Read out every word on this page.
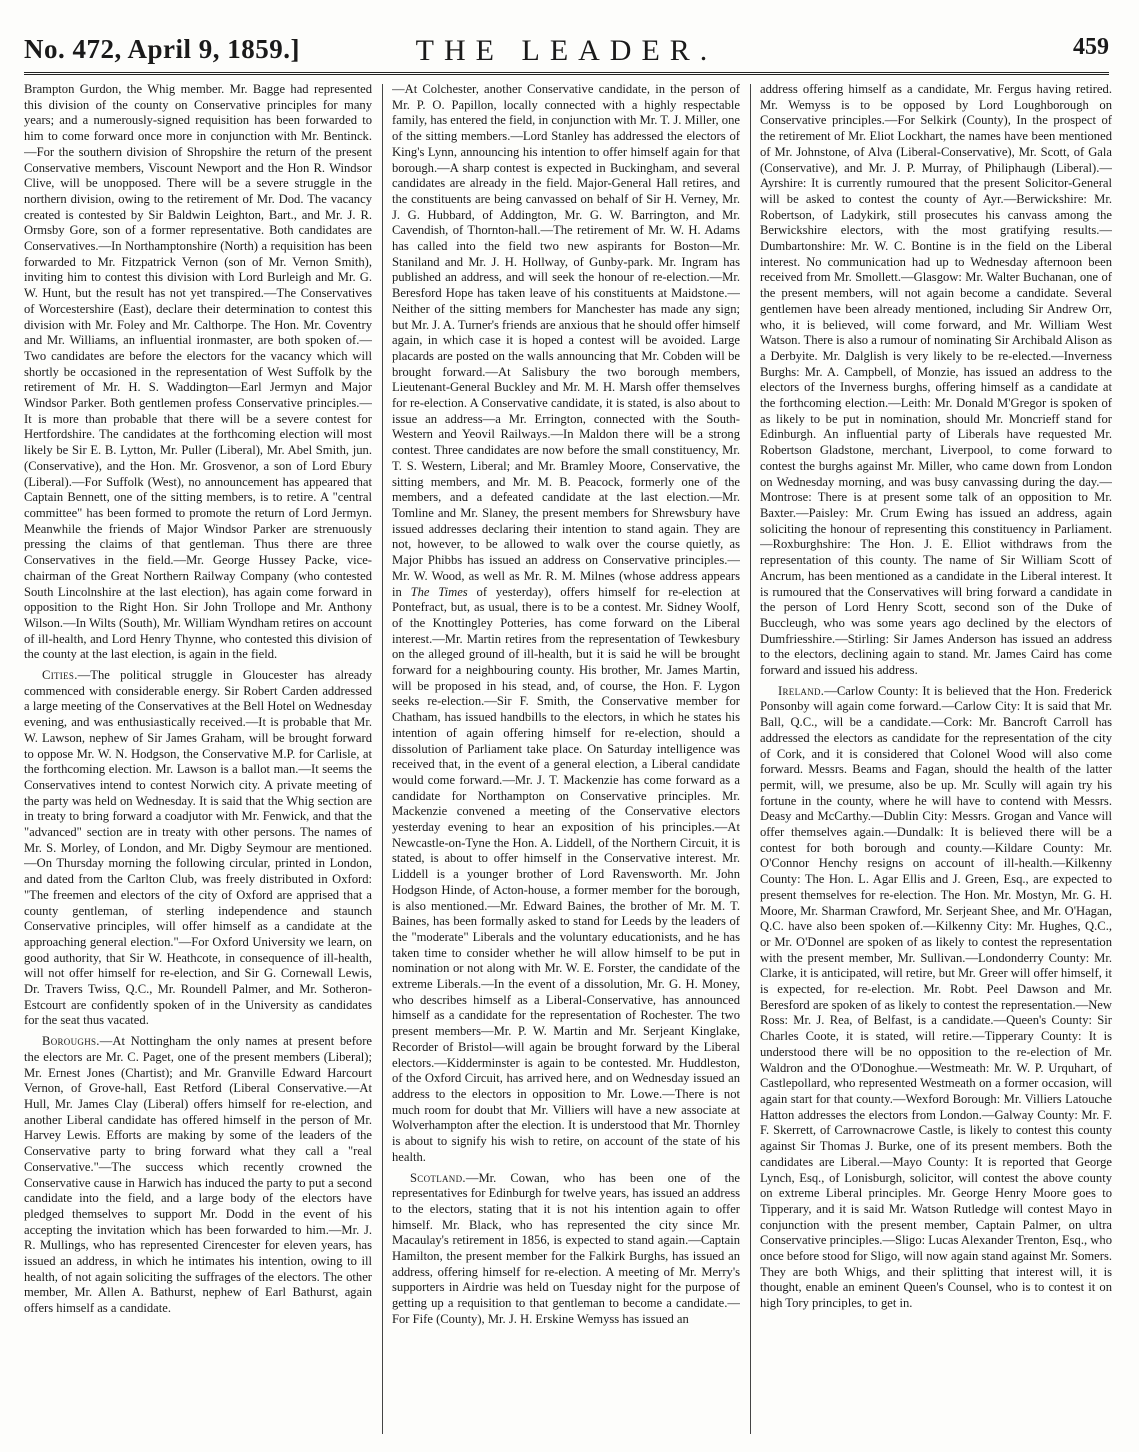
No. 472, April 9, 1859.]	THE LEADER.	459

Brampton Gurdon, the Whig member. Mr. Bagge had represented this division of the county on Conservative principles for many years; and a numerously-signed requisition has been forwarded to him to come forward once more in conjunction with Mr. Bentinck.—For the southern division of Shropshire the return of the present Conservative members, Viscount Newport and the Hon R. Windsor Clive, will be unopposed. There will be a severe struggle in the northern division, owing to the retirement of Mr. Dod. The vacancy created is contested by Sir Baldwin Leighton, Bart., and Mr. J. R. Ormsby Gore, son of a former representative. Both candidates are Conservatives.—In Northamptonshire (North) a requisition has been forwarded to Mr. Fitzpatrick Vernon (son of Mr. Vernon Smith), inviting him to contest this division with Lord Burleigh and Mr. G. W. Hunt, but the result has not yet transpired.—The Conservatives of Worcestershire (East), declare their determination to contest this division with Mr. Foley and Mr. Calthorpe. The Hon. Mr. Coventry and Mr. Williams, an influential ironmaster, are both spoken of.—Two candidates are before the electors for the vacancy which will shortly be occasioned in the representation of West Suffolk by the retirement of Mr. H. S. Waddington—Earl Jermyn and Major Windsor Parker. Both gentlemen profess Conservative principles.—It is more than probable that there will be a severe contest for Hertfordshire. The candidates at the forthcoming election will most likely be Sir E. B. Lytton, Mr. Puller (Liberal), Mr. Abel Smith, jun. (Conservative), and the Hon. Mr. Grosvenor, a son of Lord Ebury (Liberal).—For Suffolk (West), no announcement has appeared that Captain Bennett, one of the sitting members, is to retire. A "central committee" has been formed to promote the return of Lord Jermyn. Meanwhile the friends of Major Windsor Parker are strenuously pressing the claims of that gentleman. Thus there are three Conservatives in the field.—Mr. George Hussey Packe, vice-chairman of the Great Northern Railway Company (who contested South Lincolnshire at the last election), has again come forward in opposition to the Right Hon. Sir John Trollope and Mr. Anthony Wilson.—In Wilts (South), Mr. William Wyndham retires on account of ill-health, and Lord Henry Thynne, who contested this division of the county at the last election, is again in the field.

Cities.—The political struggle in Gloucester has already commenced with considerable energy. Sir Robert Carden addressed a large meeting of the Conservatives at the Bell Hotel on Wednesday evening, and was enthusiastically received.—It is probable that Mr. W. Lawson, nephew of Sir James Graham, will be brought forward to oppose Mr. W. N. Hodgson, the Conservative M.P. for Carlisle, at the forthcoming election. Mr. Lawson is a ballot man.—It seems the Conservatives intend to contest Norwich city. A private meeting of the party was held on Wednesday. It is said that the Whig section are in treaty to bring forward a coadjutor with Mr. Fenwick, and that the "advanced" section are in treaty with other persons. The names of Mr. S. Morley, of London, and Mr. Digby Seymour are mentioned.—On Thursday morning the following circular, printed in London, and dated from the Carlton Club, was freely distributed in Oxford: "The freemen and electors of the city of Oxford are apprised that a county gentleman, of sterling independence and staunch Conservative principles, will offer himself as a candidate at the approaching general election."—For Oxford University we learn, on good authority, that Sir W. Heathcote, in consequence of ill-health, will not offer himself for re-election, and Sir G. Cornewall Lewis, Dr. Travers Twiss, Q.C., Mr. Roundell Palmer, and Mr. Sotheron-Estcourt are confidently spoken of in the University as candidates for the seat thus vacated.

Boroughs.—At Nottingham the only names at present before the electors are Mr. C. Paget, one of the present members (Liberal); Mr. Ernest Jones (Chartist); and Mr. Granville Edward Harcourt Vernon, of Grove-hall, East Retford (Liberal Conservative.—At Hull, Mr. James Clay (Liberal) offers himself for re-election, and another Liberal candidate has offered himself in the person of Mr. Harvey Lewis. Efforts are making by some of the leaders of the Conservative party to bring forward what they call a "real Conservative."—The success which recently crowned the Conservative cause in Harwich has induced the party to put a second candidate into the field, and a large body of the electors have pledged themselves to support Mr. Dodd in the event of his accepting the invitation which has been forwarded to him.—Mr. J. R. Mullings, who has represented Cirencester for eleven years, has issued an address, in which he intimates his intention, owing to ill health, of not again soliciting the suffrages of the electors. The other member, Mr. Allen A. Bathurst, nephew of Earl Bathurst, again offers himself as a candidate.

—At Colchester, another Conservative candidate, in the person of Mr. P. O. Papillon, locally connected with a highly respectable family, has entered the field, in conjunction with Mr. T. J. Miller, one of the sitting members.—Lord Stanley has addressed the electors of King's Lynn, announcing his intention to offer himself again for that borough.—A sharp contest is expected in Buckingham, and several candidates are already in the field. Major-General Hall retires, and the constituents are being canvassed on behalf of Sir H. Verney, Mr. J. G. Hubbard, of Addington, Mr. G. W. Barrington, and Mr. Cavendish, of Thornton-hall.—The retirement of Mr. W. H. Adams has called into the field two new aspirants for Boston—Mr. Staniland and Mr. J. H. Hollway, of Gunby-park. Mr. Ingram has published an address, and will seek the honour of re-election.—Mr. Beresford Hope has taken leave of his constituents at Maidstone.—Neither of the sitting members for Manchester has made any sign; but Mr. J. A. Turner's friends are anxious that he should offer himself again, in which case it is hoped a contest will be avoided. Large placards are posted on the walls announcing that Mr. Cobden will be brought forward.—At Salisbury the two borough members, Lieutenant-General Buckley and Mr. M. H. Marsh offer themselves for re-election. A Conservative candidate, it is stated, is also about to issue an address—a Mr. Errington, connected with the South-Western and Yeovil Railways.—In Maldon there will be a strong contest. Three candidates are now before the small constituency, Mr. T. S. Western, Liberal; and Mr. Bramley Moore, Conservative, the sitting members, and Mr. M. B. Peacock, formerly one of the members, and a defeated candidate at the last election.—Mr. Tomline and Mr. Slaney, the present members for Shrewsbury have issued addresses declaring their intention to stand again. They are not, however, to be allowed to walk over the course quietly, as Major Phibbs has issued an address on Conservative principles.—Mr. W. Wood, as well as Mr. R. M. Milnes (whose address appears in The Times of yesterday), offers himself for re-election at Pontefract, but, as usual, there is to be a contest. Mr. Sidney Woolf, of the Knottingley Potteries, has come forward on the Liberal interest.—Mr. Martin retires from the representation of Tewkesbury on the alleged ground of ill-health, but it is said he will be brought forward for a neighbouring county. His brother, Mr. James Martin, will be proposed in his stead, and, of course, the Hon. F. Lygon seeks re-election.—Sir F. Smith, the Conservative member for Chatham, has issued handbills to the electors, in which he states his intention of again offering himself for re-election, should a dissolution of Parliament take place. On Saturday intelligence was received that, in the event of a general election, a Liberal candidate would come forward.—Mr. J. T. Mackenzie has come forward as a candidate for Northampton on Conservative principles. Mr. Mackenzie convened a meeting of the Conservative electors yesterday evening to hear an exposition of his principles.—At Newcastle-on-Tyne the Hon. A. Liddell, of the Northern Circuit, it is stated, is about to offer himself in the Conservative interest. Mr. Liddell is a younger brother of Lord Ravensworth. Mr. John Hodgson Hinde, of Acton-house, a former member for the borough, is also mentioned.—Mr. Edward Baines, the brother of Mr. M. T. Baines, has been formally asked to stand for Leeds by the leaders of the "moderate" Liberals and the voluntary educationists, and he has taken time to consider whether he will allow himself to be put in nomination or not along with Mr. W. E. Forster, the candidate of the extreme Liberals.—In the event of a dissolution, Mr. G. H. Money, who describes himself as a Liberal-Conservative, has announced himself as a candidate for the representation of Rochester. The two present members—Mr. P. W. Martin and Mr. Serjeant Kinglake, Recorder of Bristol—will again be brought forward by the Liberal electors.—Kidderminster is again to be contested. Mr. Huddleston, of the Oxford Circuit, has arrived here, and on Wednesday issued an address to the electors in opposition to Mr. Lowe.—There is not much room for doubt that Mr. Villiers will have a new associate at Wolverhampton after the election. It is understood that Mr. Thornley is about to signify his wish to retire, on account of the state of his health.

Scotland.—Mr. Cowan, who has been one of the representatives for Edinburgh for twelve years, has issued an address to the electors, stating that it is not his intention again to offer himself. Mr. Black, who has represented the city since Mr. Macaulay's retirement in 1856, is expected to stand again.—Captain Hamilton, the present member for the Falkirk Burghs, has issued an address, offering himself for re-election. A meeting of Mr. Merry's supporters in Airdrie was held on Tuesday night for the purpose of getting up a requisition to that gentleman to become a candidate.—For Fife (County), Mr. J. H. Erskine Wemyss has issued an

address offering himself as a candidate, Mr. Fergus having retired. Mr. Wemyss is to be opposed by Lord Loughborough on Conservative principles.—For Selkirk (County), In the prospect of the retirement of Mr. Eliot Lockhart, the names have been mentioned of Mr. Johnstone, of Alva (Liberal-Conservative), Mr. Scott, of Gala (Conservative), and Mr. J. P. Murray, of Philiphaugh (Liberal).—Ayrshire: It is currently rumoured that the present Solicitor-General will be asked to contest the county of Ayr.—Berwickshire: Mr. Robertson, of Ladykirk, still prosecutes his canvass among the Berwickshire electors, with the most gratifying results.—Dumbartonshire: Mr. W. C. Bontine is in the field on the Liberal interest. No communication had up to Wednesday afternoon been received from Mr. Smollett.—Glasgow: Mr. Walter Buchanan, one of the present members, will not again become a candidate. Several gentlemen have been already mentioned, including Sir Andrew Orr, who, it is believed, will come forward, and Mr. William West Watson. There is also a rumour of nominating Sir Archibald Alison as a Derbyite. Mr. Dalglish is very likely to be re-elected.—Inverness Burghs: Mr. A. Campbell, of Monzie, has issued an address to the electors of the Inverness burghs, offering himself as a candidate at the forthcoming election.—Leith: Mr. Donald M'Gregor is spoken of as likely to be put in nomination, should Mr. Moncrieff stand for Edinburgh. An influential party of Liberals have requested Mr. Robertson Gladstone, merchant, Liverpool, to come forward to contest the burghs against Mr. Miller, who came down from London on Wednesday morning, and was busy canvassing during the day.—Montrose: There is at present some talk of an opposition to Mr. Baxter.—Paisley: Mr. Crum Ewing has issued an address, again soliciting the honour of representing this constituency in Parliament.—Roxburghshire: The Hon. J. E. Elliot withdraws from the representation of this county. The name of Sir William Scott of Ancrum, has been mentioned as a candidate in the Liberal interest. It is rumoured that the Conservatives will bring forward a candidate in the person of Lord Henry Scott, second son of the Duke of Buccleugh, who was some years ago declined by the electors of Dumfriesshire.—Stirling: Sir James Anderson has issued an address to the electors, declining again to stand. Mr. James Caird has come forward and issued his address.

Ireland.—Carlow County: It is believed that the Hon. Frederick Ponsonby will again come forward.—Carlow City: It is said that Mr. Ball, Q.C., will be a candidate.—Cork: Mr. Bancroft Carroll has addressed the electors as candidate for the representation of the city of Cork, and it is considered that Colonel Wood will also come forward. Messrs. Beams and Fagan, should the health of the latter permit, will, we presume, also be up. Mr. Scully will again try his fortune in the county, where he will have to contend with Messrs. Deasy and McCarthy.—Dublin City: Messrs. Grogan and Vance will offer themselves again.—Dundalk: It is believed there will be a contest for both borough and county.—Kildare County: Mr. O'Connor Henchy resigns on account of ill-health.—Kilkenny County: The Hon. L. Agar Ellis and J. Green, Esq., are expected to present themselves for re-election. The Hon. Mr. Mostyn, Mr. G. H. Moore, Mr. Sharman Crawford, Mr. Serjeant Shee, and Mr. O'Hagan, Q.C. have also been spoken of.—Kilkenny City: Mr. Hughes, Q.C., or Mr. O'Donnel are spoken of as likely to contest the representation with the present member, Mr. Sullivan.—Londonderry County: Mr. Clarke, it is anticipated, will retire, but Mr. Greer will offer himself, it is expected, for re-election. Mr. Robt. Peel Dawson and Mr. Beresford are spoken of as likely to contest the representation.—New Ross: Mr. J. Rea, of Belfast, is a candidate.—Queen's County: Sir Charles Coote, it is stated, will retire.—Tipperary County: It is understood there will be no opposition to the re-election of Mr. Waldron and the O'Donoghue.—Westmeath: Mr. W. P. Urquhart, of Castlepollard, who represented Westmeath on a former occasion, will again start for that county.—Wexford Borough: Mr. Villiers Latouche Hatton addresses the electors from London.—Galway County: Mr. F. F. Skerrett, of Carrownacrowe Castle, is likely to contest this county against Sir Thomas J. Burke, one of its present members. Both the candidates are Liberal.—Mayo County: It is reported that George Lynch, Esq., of Lonisburgh, solicitor, will contest the above county on extreme Liberal principles. Mr. George Henry Moore goes to Tipperary, and it is said Mr. Watson Rutledge will contest Mayo in conjunction with the present member, Captain Palmer, on ultra Conservative principles.—Sligo: Lucas Alexander Trenton, Esq., who once before stood for Sligo, will now again stand against Mr. Somers. They are both Whigs, and their splitting that interest will, it is thought, enable an eminent Queen's Counsel, who is to contest it on high Tory principles, to get in.
